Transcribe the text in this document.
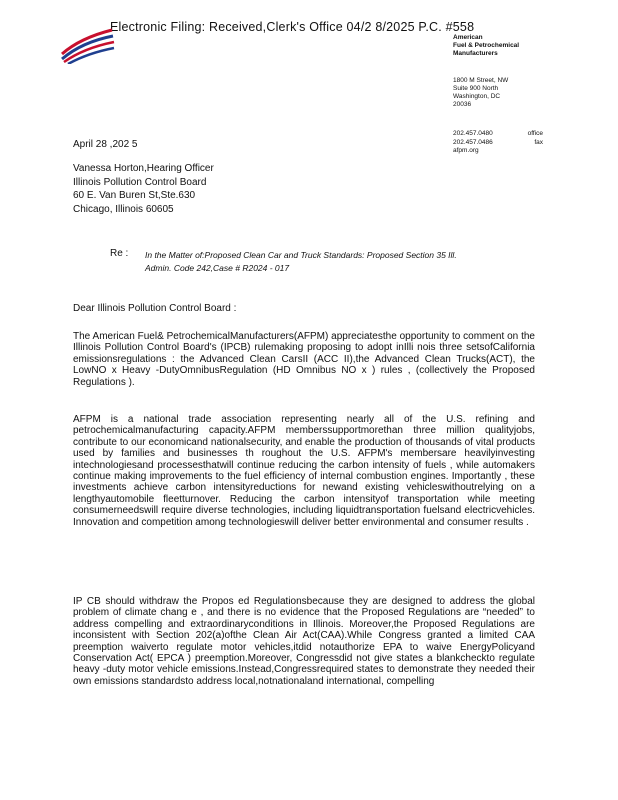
Electronic Filing: Received,Clerk's Office 04/2 8/2025 P.C. #558
American
Fuel & Petrochemical
Manufacturers
1800 M Street, NW
Suite 900 North
Washington, DC
20036
202.457.0480	office
202.457.0486	fax
afpm.org
April 28 ,202 5
Vanessa Horton,Hearing Officer
Illinois Pollution Control Board
60 E. Van Buren St,Ste.630
Chicago, Illinois 60605
Re : In the Matter of:Proposed Clean Car and Truck Standards: Proposed Section 35 Ill. Admin. Code 242,Case # R2024 - 017
Dear Illinois Pollution Control Board :
The American Fuel& PetrochemicalManufacturers(AFPM) appreciatesthe opportunity to comment on the Illinois Pollution Control Board's (IPCB) rulemaking proposing to adopt inIlli nois three setsofCalifornia emissionsregulations : the Advanced Clean CarsII (ACC II),the Advanced Clean Trucks(ACT), the LowNO x Heavy -DutyOmnibusRegulation (HD Omnibus NO x ) rules , (collectively the Proposed Regulations ).
AFPM is a national trade association representing nearly all of the U.S. refining and petrochemicalmanufacturing capacity.AFPM memberssupportmorethan three million qualityjobs, contribute to our economicand nationalsecurity, and enable the production of thousands of vital products used by families and businesses th roughout the U.S. AFPM's membersare heavilyinvesting intechnologiesand processesthatwill continue reducing the carbon intensity of fuels , while automakers continue making improvements to the fuel efficiency of internal combustion engines. Importantly , these investments achieve carbon intensityreductions for newand existing vehicleswithoutrelying on a lengthyautomobile fleetturnover. Reducing the carbon intensityof transportation while meeting consumerneedswill require diverse technologies, including liquidtransportation fuelsand electricvehicles. Innovation and competition among technologieswill deliver better environmental and consumer results .
IP CB should withdraw the Propos ed Regulationsbecause they are designed to address the global problem of climate chang e , and there is no evidence that the Proposed Regulations are “needed” to address compelling and extraordinaryconditions in Illinois. Moreover,the Proposed Regulations are inconsistent with Section 202(a)ofthe Clean Air Act(CAA).While Congress granted a limited CAA preemption waiverto regulate motor vehicles,itdid notauthorize EPA to waive EnergyPolicyand Conservation Act( EPCA ) preemption.Moreover, Congressdid not give states a blankcheckto regulate heavy -duty motor vehicle emissions.Instead,Congressrequired states to demonstrate they needed their own emissions standardsto address local,notnationaland international, compelling
